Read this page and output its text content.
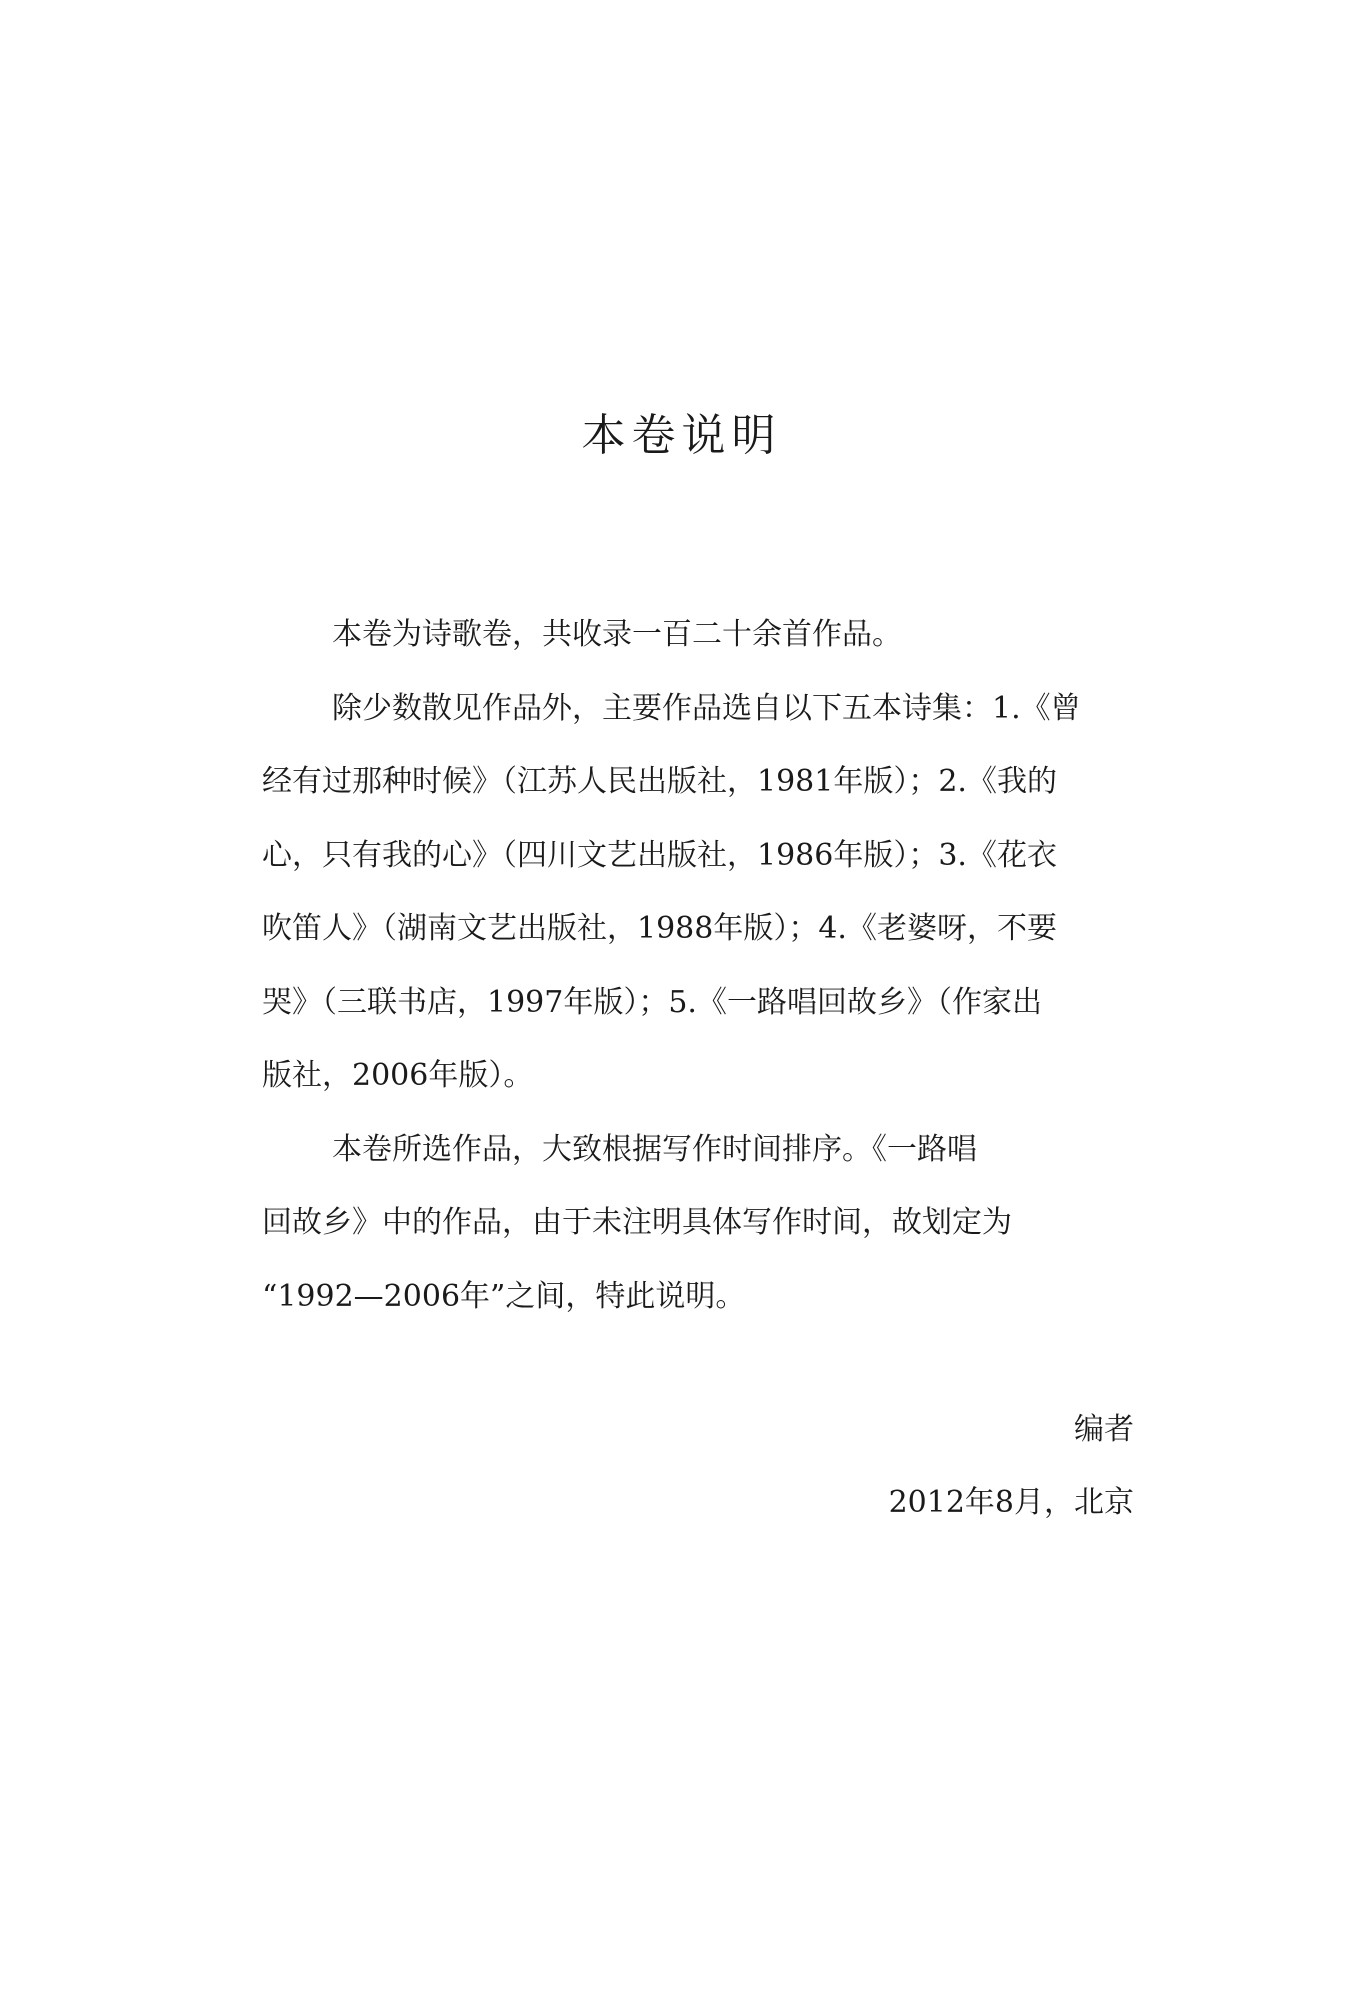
本卷说明
本卷为诗歌卷，共收录一百二十余首作品。
除少数散见作品外，主要作品选自以下五本诗集：1.《曾
经有过那种时候》（江苏人民出版社，1981年版）；2.《我的
心，只有我的心》（四川文艺出版社，1986年版）；3.《花衣
吹笛人》（湖南文艺出版社，1988年版）；4.《老婆呀，不要
哭》（三联书店，1997年版）；5.《一路唱回故乡》（作家出
版社，2006年版）。
本卷所选作品，大致根据写作时间排序。《一路唱
回故乡》中的作品，由于未注明具体写作时间，故划定为
“1992—2006年”之间，特此说明。
编者
2012年8月，北京
